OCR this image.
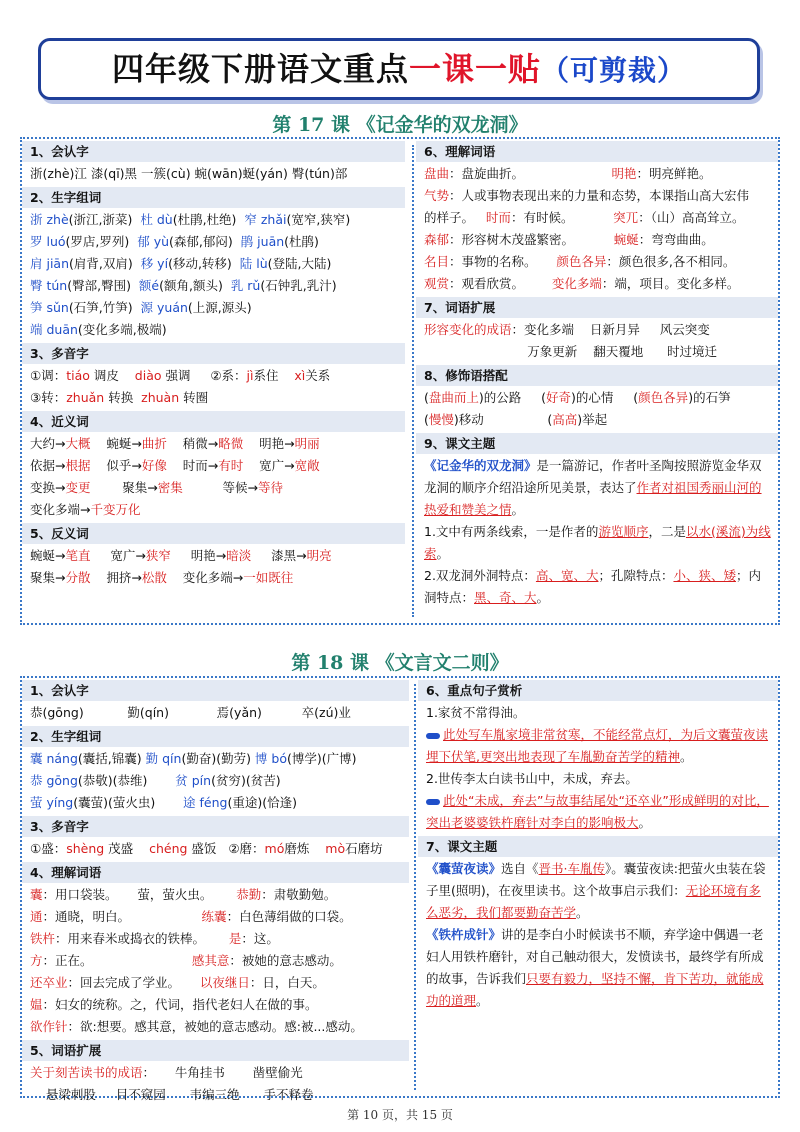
四年级下册语文重点一课一贴（可剪裁）
第 17 课 《记金华的双龙洞》
1、会认字
浙(zhè)江 漆(qī)黑 一簇(cù) 蜿(wān)蜒(yán) 臀(tún)部
2、生字组词
浙 zhè(浙江,浙菜)  杜 dù(杜鹃,杜绝)  窄 zhǎi(宽窄,狭窄)
罗 luó(罗店,罗列)  郁 yù(森郁,郁闷)  鹃 juān(杜鹃)
肩 jiān(肩背,双肩)  移 yí(移动,转移)  陆 lù(登陆,大陆)
臀 tún(臀部,臀围)  额é(额角,额头)  乳 rǔ(石钟乳,乳汁)
笋 sǔn(石笋,竹笋)  源 yuán(上源,源头)
端 duān(变化多端,极端)
3、多音字
①调：tiáo 调皮    diào 强调     ②系：jì系住    xì关系
③转：zhuǎn 转换  zhuàn 转圈
4、近义词
大约→大概    蜿蜒→曲折    稍微→略微    明艳→明丽
依据→根据    似乎→好像    时而→有时    宽广→宽敞
变换→变更        聚集→密集          等候→等待
变化多端→千变万化
5、反义词
蜿蜒→笔直     宽广→狭窄     明艳→暗淡     漆黑→明亮
聚集→分散    拥挤→松散    变化多端→一如既往
6、理解词语
盘曲：盘旋曲折。                      明艳：明亮鲜艳。
气势：人或事物表现出来的力量和态势，本课指山高大宏伟
的样子。   时而：有时候。          突兀：（山）高高耸立。
森郁：形容树木茂盛繁密。          蜿蜒：弯弯曲曲。
名目：事物的名称。     颜色各异：颜色很多,各不相同。
观赏：观看欣赏。       变化多端：端，项目。变化多样。
7、词语扩展
形容变化的成语：变化多端    日新月异     风云突变
万象更新    翻天覆地      时过境迁
8、修饰语搭配
(盘曲而上)的公路     (好奇)的心情     (颜色各异)的石笋
(慢慢)移动                (高高)举起
9、课文主题
《记金华的双龙洞》是一篇游记，作者叶圣陶按照游览金华双龙洞的顺序介绍沿途所见美景，表达了作者对祖国秀丽山河的热爱和赞美之情。
1.文中有两条线索，一是作者的游览顺序，二是以水(溪流)为线索。
2.双龙洞外洞特点：高、宽、大；孔隙特点：小、狭、矮；内洞特点：黑、奇、大。
第 18 课 《文言文二则》
1、会认字
恭(gōng)           勤(qín)            焉(yǎn)          卒(zú)业
2、生字组词
囊 náng(囊括,锦囊) 勤 qín(勤奋)(勤劳) 博 bó(博学)(广博)
恭 gōng(恭敬)(恭维)       贫 pín(贫穷)(贫苦)
萤 yíng(囊萤)(萤火虫)       途 féng(重途)(恰逢)
3、多音字
①盛：shèng 茂盛    chéng 盛饭   ②磨：mó磨炼    mò石磨坊
4、理解词语
囊：用口袋装。     萤，萤火虫。      恭勤：肃敬勤勉。
通：通晓，明白。                  练囊：白色薄绢做的口袋。
铁杵：用来春米或捣衣的铁棒。      是：这。
方：正在。                         感其意：被她的意志感动。
还卒业：回去完成了学业。     以夜继日：日，白天。
媪：妇女的统称。之，代词，指代老妇人在做的事。
欲作针：欲:想要。感其意，被她的意志感动。感:被...感动。
5、词语扩展
关于刻苦读书的成语：     牛角挂书       凿壁偷光
悬梁刺股     目不窥园      韦编三绝      手不释卷
6、重点句子赏析
1.家贫不常得油。
此处写车胤家境非常贫寒，不能经常点灯，为后文囊萤夜读埋下伏笔,更突出地表现了车胤勤奋苦学的精神。
2.世传李太白读书山中，未成，弃去。
此处“未成，弃去”与故事结尾处“还卒业”形成鲜明的对比，突出老婆婆铁杵磨针对李白的影响极大。
7、课文主题
《囊萤夜读》选自《晋书·车胤传》。囊萤夜读:把萤火虫装在袋子里(照明)，在夜里读书。这个故事启示我们：无论环境有多么恶劣，我们都要勤奋苦学。
《铁杵成针》讲的是李白小时候读书不顺，弃学途中偶遇一老妇人用铁杵磨针，对自己触动很大，发愤读书，最终学有所成的故事，告诉我们只要有毅力，坚持不懈，肯下苦功，就能成功的道理。
第 10 页，共 15 页
